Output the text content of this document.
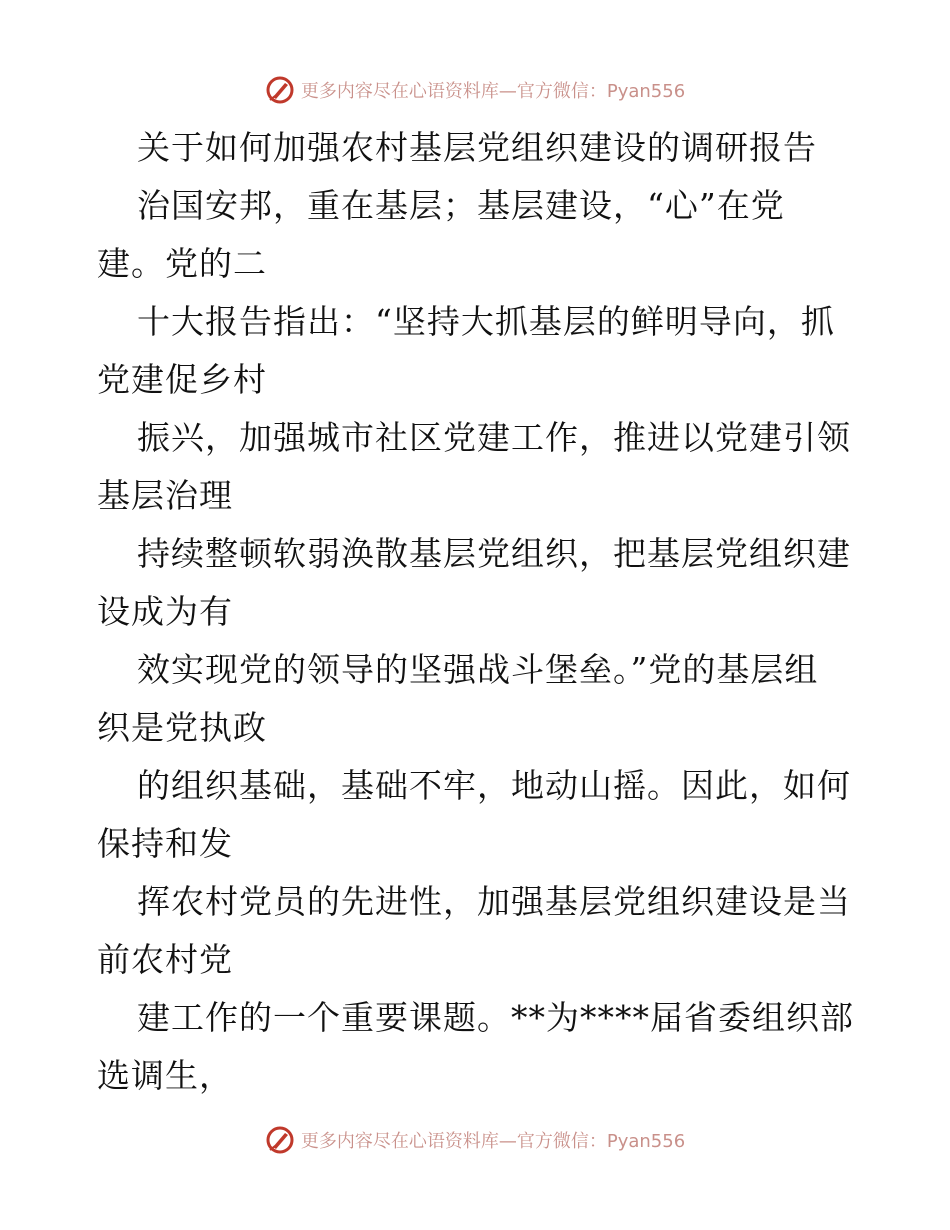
更多内容尽在心语资料库—官方微信：Pyan556
关于如何加强农村基层党组织建设的调研报告
治国安邦，重在基层；基层建设，“心”在党
建。党的二
十大报告指出：“坚持大抓基层的鲜明导向，抓
党建促乡村
振兴，加强城市社区党建工作，推进以党建引领
基层治理
持续整顿软弱涣散基层党组织，把基层党组织建
设成为有
效实现党的领导的坚强战斗堡垒。”党的基层组
织是党执政
的组织基础，基础不牢，地动山摇。因此，如何
保持和发
挥农村党员的先进性，加强基层党组织建设是当
前农村党
建工作的一个重要课题。**为****届省委组织部
选调生，
更多内容尽在心语资料库—官方微信：Pyan556
